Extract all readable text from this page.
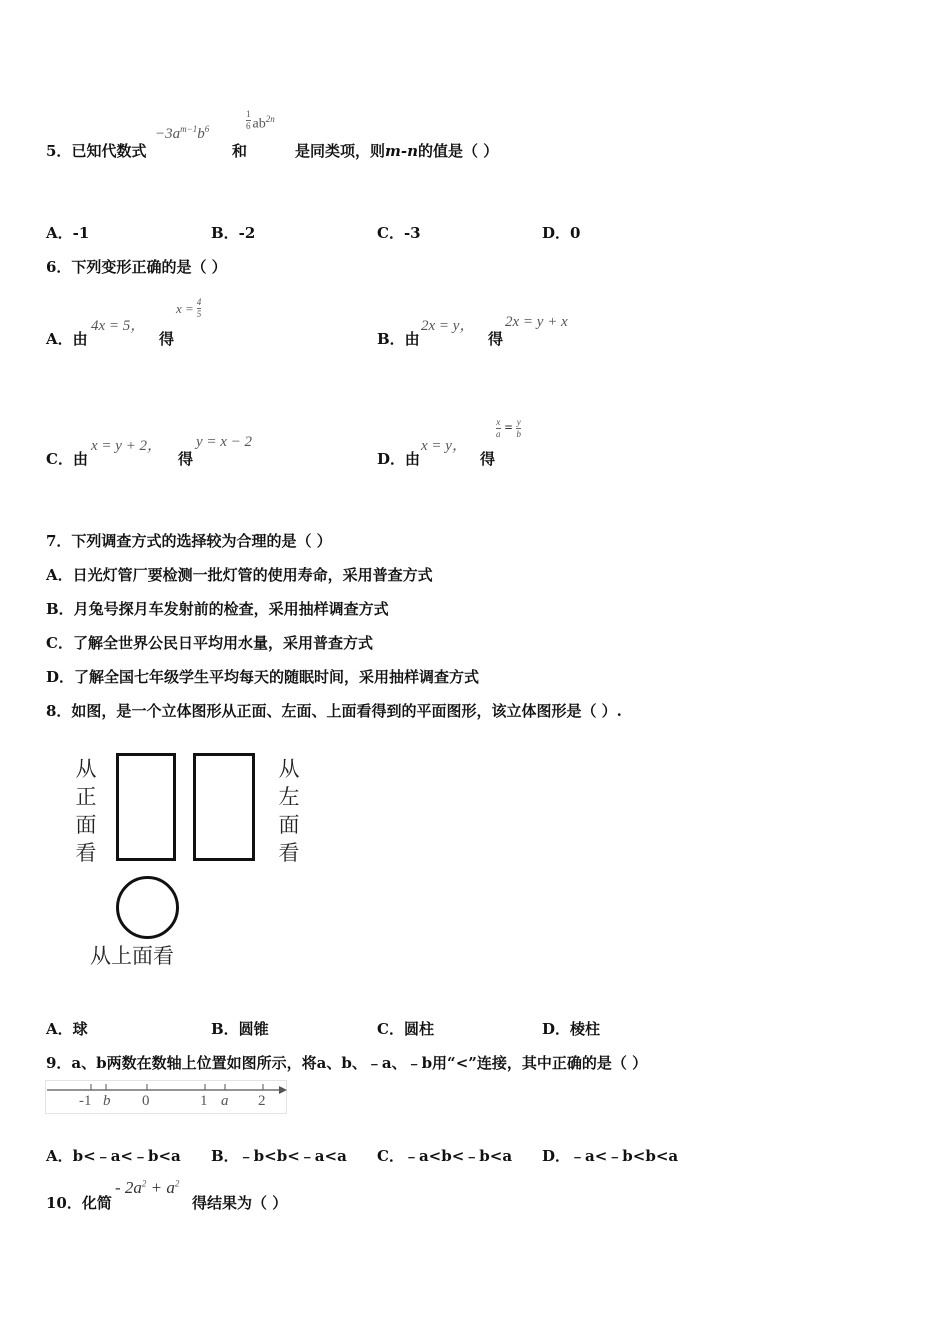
5．已知代数式
$-3a^{m-1}b^6$
和
$\frac{1}{6} ab^{2n}$
是同类项，则m-n的值是（ ）
A．-1	B．-2	C．-3	D．0
6．下列变形正确的是（ ）
A．由
4x = 5，
得
$x = \frac{4}{5}$
B．由
2x = y，
得
2x = y + x
C．由
x = y + 2，
得
y = x − 2
D．由
x = y，
得
$\frac{x}{a} = \frac{y}{b}$
7．下列调查方式的选择较为合理的是（ ）
A．日光灯管厂要检测一批灯管的使用寿命，采用普查方式
B．月兔号探月车发射前的检查，采用抽样调查方式
C．了解全世界公民日平均用水量，采用普查方式
D．了解全国七年级学生平均每天的随眠时间，采用抽样调查方式
8．如图，是一个立体图形从正面、左面、上面看得到的平面图形，该立体图形是（ ）.
从
正
面
看
从
左
面
看
从上面看
A．球	B．圆锥	C．圆柱	D．棱柱
9．a、b两数在数轴上位置如图所示，将a、b、﹣a、﹣b用“<”连接，其中正确的是（ ）
-1 b 0	1 a 2
A．b<﹣a<﹣b<a B．﹣b<b<﹣a<a C．﹣a<b<﹣b<a D．﹣a<﹣b<b<a
10．化简
- $2a^2 + a^2$
得结果为（ ）
